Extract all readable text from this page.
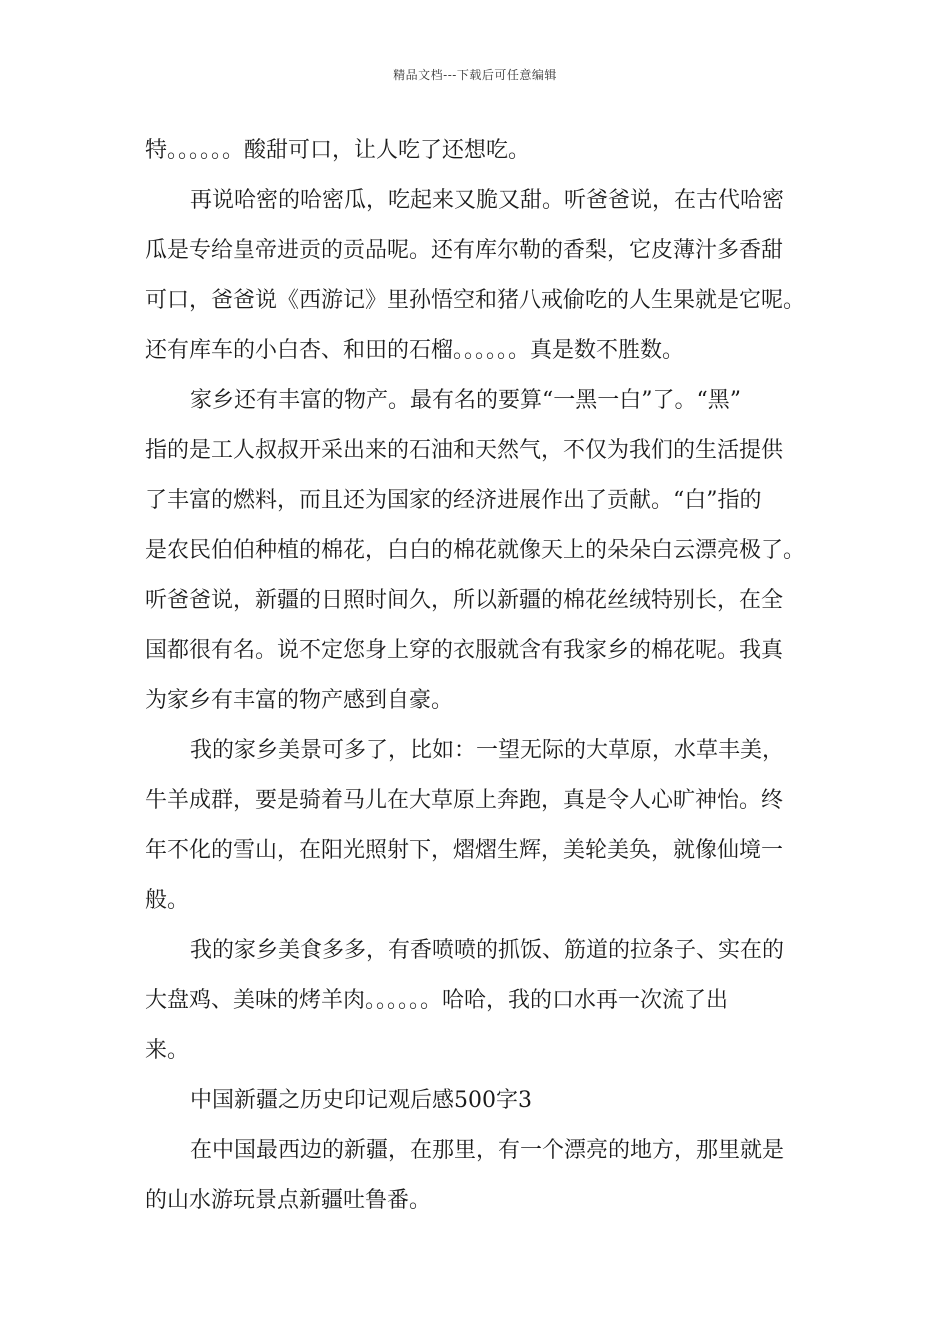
精品文档---下载后可任意编辑
特。。。。。。酸甜可口，让人吃了还想吃。
再说哈密的哈密瓜，吃起来又脆又甜。听爸爸说，在古代哈密
瓜是专给皇帝进贡的贡品呢。还有库尔勒的香梨，它皮薄汁多香甜
可口，爸爸说《西游记》里孙悟空和猪八戒偷吃的人生果就是它呢。
还有库车的小白杏、和田的石榴。。。。。。真是数不胜数。
家乡还有丰富的物产。最有名的要算“一黑一白”了。“黑”
指的是工人叔叔开采出来的石油和天然气，不仅为我们的生活提供
了丰富的燃料，而且还为国家的经济进展作出了贡献。“白”指的
是农民伯伯种植的棉花，白白的棉花就像天上的朵朵白云漂亮极了。
听爸爸说，新疆的日照时间久，所以新疆的棉花丝绒特别长，在全
国都很有名。说不定您身上穿的衣服就含有我家乡的棉花呢。我真
为家乡有丰富的物产感到自豪。
我的家乡美景可多了，比如：一望无际的大草原，水草丰美，
牛羊成群，要是骑着马儿在大草原上奔跑，真是令人心旷神怡。终
年不化的雪山，在阳光照射下，熠熠生辉，美轮美奂，就像仙境一
般。
我的家乡美食多多，有香喷喷的抓饭、筋道的拉条子、实在的
大盘鸡、美味的烤羊肉。。。。。。哈哈，我的口水再一次流了出
来。
中国新疆之历史印记观后感500字3
在中国最西边的新疆，在那里，有一个漂亮的地方，那里就是
的山水游玩景点新疆吐鲁番。
